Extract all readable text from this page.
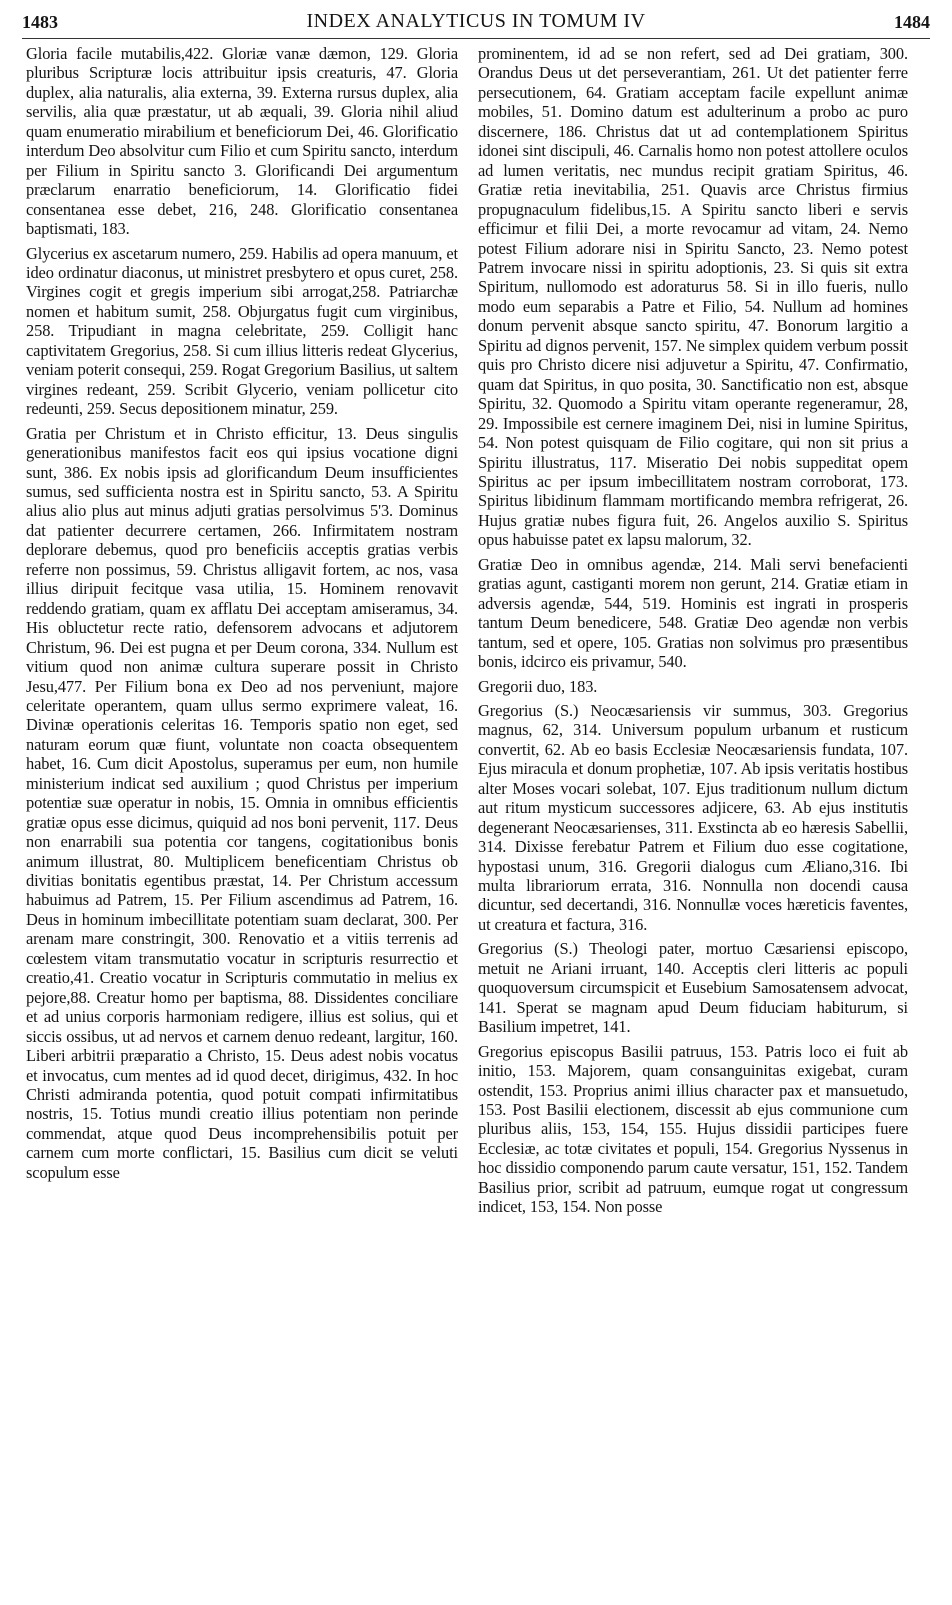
1483	INDEX ANALYTICUS IN TOMUM IV	1484

Gloria facile mutabilis,422. Gloriæ vanæ dæmon, 129. Gloria pluribus Scripturæ locis attribuitur ipsis creaturis, 47. Gloria duplex, alia naturalis, alia externa, 39. Externa rursus duplex, alia servilis, alia quæ præstatur, ut ab æquali, 39. Gloria nihil aliud quam enumeratio mirabilium et beneficiorum Dei, 46. Glorificatio interdum Deo absolvitur cum Filio et cum Spiritu sancto, interdum per Filium in Spiritu sancto 3. Glorificandi Dei argumentum præclarum enarratio beneficiorum, 14. Glorificatio fidei consentanea esse debet, 216, 248. Glorificatio consentanea baptismati, 183.

Glycerius ex ascetarum numero, 259. Habilis ad opera manuum, et ideo ordinatur diaconus, ut ministret presbytero et opus curet, 258. Virgines cogit et gregis imperium sibi arrogat,258. Patriarchæ nomen et habitum sumit, 258. Objurgatus fugit cum virginibus, 258. Tripudiant in magna celebritate, 259. Colligit hanc captivitatem Gregorius, 258. Si cum illius litteris redeat Glycerius, veniam poterit consequi, 259. Rogat Gregorium Basilius, ut saltem virgines redeant, 259. Scribit Glycerio, veniam pollicetur cito redeunti, 259. Secus depositionem minatur, 259.

Gratia per Christum et in Christo efficitur, 13. Deus singulis generationibus manifestos facit eos qui ipsius vocatione digni sunt, 386. Ex nobis ipsis ad glorificandum Deum insufficientes sumus, sed sufficienta nostra est in Spiritu sancto, 53. A Spiritu alius alio plus aut minus adjuti gratias persolvimus 5'3. Dominus dat patienter decurrere certamen, 266. Infirmitatem nostram deplorare debemus, quod pro beneficiis acceptis gratias verbis referre non possimus, 59. Christus alligavit fortem, ac nos, vasa illius diripuit fecitque vasa utilia, 15. Hominem renovavit reddendo gratiam, quam ex afflatu Dei acceptam amiseramus, 34. His obluctetur recte ratio, defensorem advocans et adjutorem Christum, 96. Dei est pugna et per Deum corona, 334. Nullum est vitium quod non animæ cultura superare possit in Christo Jesu,477. Per Filium bona ex Deo ad nos perveniunt, majore celeritate operantem, quam ullus sermo exprimere valeat, 16. Divinæ operationis celeritas 16. Temporis spatio non eget, sed naturam eorum quæ fiunt, voluntate non coacta obsequentem habet, 16. Cum dicit Apostolus, superamus per eum, non humile ministerium indicat sed auxilium ; quod Christus per imperium potentiæ suæ operatur in nobis, 15. Omnia in omnibus efficientis gratiæ opus esse dicimus, quiquid ad nos boni pervenit, 117. Deus non enarrabili sua potentia cor tangens, cogitationibus bonis animum illustrat, 80. Multiplicem beneficentiam Christus ob divitias bonitatis egentibus præstat, 14. Per Christum accessum habuimus ad Patrem, 15. Per Filium ascendimus ad Patrem, 16. Deus in hominum imbecillitate potentiam suam declarat, 300. Per arenam mare constringit, 300. Renovatio et a vitiis terrenis ad cœlestem vitam transmutatio vocatur in scripturis resurrectio et creatio,41. Creatio vocatur in Scripturis commutatio in melius ex pejore,88. Creatur homo per baptisma, 88. Dissidentes conciliare et ad unius corporis harmoniam redigere, illius est solius, qui et siccis ossibus, ut ad nervos et carnem denuo redeant, largitur, 160. Liberi arbitrii præparatio a Christo, 15. Deus adest nobis vocatus et invocatus, cum mentes ad id quod decet, dirigimus, 432. In hoc Christi admiranda potentia, quod potuit compati infirmitatibus nostris, 15. Totius mundi creatio illius potentiam non perinde commendat, atque quod Deus incomprehensibilis potuit per carnem cum morte conflictari, 15. Basilius cum dicit se veluti scopulum esse

prominentem, id ad se non refert, sed ad Dei gratiam, 300. Orandus Deus ut det perseverantiam, 261. Ut det patienter ferre persecutionem, 64. Gratiam acceptam facile expellunt animæ mobiles, 51. Domino datum est adulterinum a probo ac puro discernere, 186. Christus dat ut ad contemplationem Spiritus idonei sint discipuli, 46. Carnalis homo non potest attollere oculos ad lumen veritatis, nec mundus recipit gratiam Spiritus, 46. Gratiæ retia inevitabilia, 251. Quavis arce Christus firmius propugnaculum fidelibus,15. A Spiritu sancto liberi e servis efficimur et filii Dei, a morte revocamur ad vitam, 24. Nemo potest Filium adorare nisi in Spiritu Sancto, 23. Nemo potest Patrem invocare nissi in spiritu adoptionis, 23. Si quis sit extra Spiritum, nullomodo est adoraturus 58. Si in illo fueris, nullo modo eum separabis a Patre et Filio, 54. Nullum ad homines donum pervenit absque sancto spiritu, 47. Bonorum largitio a Spiritu ad dignos pervenit, 157. Ne simplex quidem verbum possit quis pro Christo dicere nisi adjuvetur a Spiritu, 47. Confirmatio, quam dat Spiritus, in quo posita, 30. Sanctificatio non est, absque Spiritu, 32. Quomodo a Spiritu vitam operante regeneramur, 28, 29. Impossibile est cernere imaginem Dei, nisi in lumine Spiritus, 54. Non potest quisquam de Filio cogitare, qui non sit prius a Spiritu illustratus, 117. Miseratio Dei nobis suppeditat opem Spiritus ac per ipsum imbecillitatem nostram corroborat, 173. Spiritus libidinum flammam mortificando membra refrigerat, 26. Hujus gratiæ nubes figura fuit, 26. Angelos auxilio S. Spiritus opus habuisse patet ex lapsu malorum, 32.

Gratiæ Deo in omnibus agendæ, 214. Mali servi benefacienti gratias agunt, castiganti morem non gerunt, 214. Gratiæ etiam in adversis agendæ, 544, 519. Hominis est ingrati in prosperis tantum Deum benedicere, 548. Gratiæ Deo agendæ non verbis tantum, sed et opere, 105. Gratias non solvimus pro præsentibus bonis, idcirco eis privamur, 540.

Gregorii duo, 183.

Gregorius (S.) Neocæsariensis vir summus, 303. Gregorius magnus, 62, 314. Universum populum urbanum et rusticum convertit, 62. Ab eo basis Ecclesiæ Neocæsariensis fundata, 107. Ejus miracula et donum prophetiæ, 107. Ab ipsis veritatis hostibus alter Moses vocari solebat, 107. Ejus traditionum nullum dictum aut ritum mysticum successores adjicere, 63. Ab ejus institutis degenerant Neocæsarienses, 311. Exstincta ab eo hæresis Sabellii, 314. Dixisse ferebatur Patrem et Filium duo esse cogitatione, hypostasi unum, 316. Gregorii dialogus cum Æliano,316. Ibi multa librariorum errata, 316. Nonnulla non docendi causa dicuntur, sed decertandi, 316. Nonnullæ voces hæreticis faventes, ut creatura et factura, 316.

Gregorius (S.) Theologi pater, mortuo Cæsariensi episcopo, metuit ne Ariani irruant, 140. Acceptis cleri litteris ac populi quoquoversum circumspicit et Eusebium Samosatensem advocat, 141. Sperat se magnam apud Deum fiduciam habiturum, si Basilium impetret, 141.

Gregorius episcopus Basilii patruus, 153. Patris loco ei fuit ab initio, 153. Majorem, quam consanguinitas exigebat, curam ostendit, 153. Proprius animi illius character pax et mansuetudo, 153. Post Basilii electionem, discessit ab ejus communione cum pluribus aliis, 153, 154, 155. Hujus dissidii participes fuere Ecclesiæ, ac totæ civitates et populi, 154. Gregorius Nyssenus in hoc dissidio componendo parum caute versatur, 151, 152. Tandem Basilius prior, scribit ad patruum, eumque rogat ut congressum indicet, 153, 154. Non posse
